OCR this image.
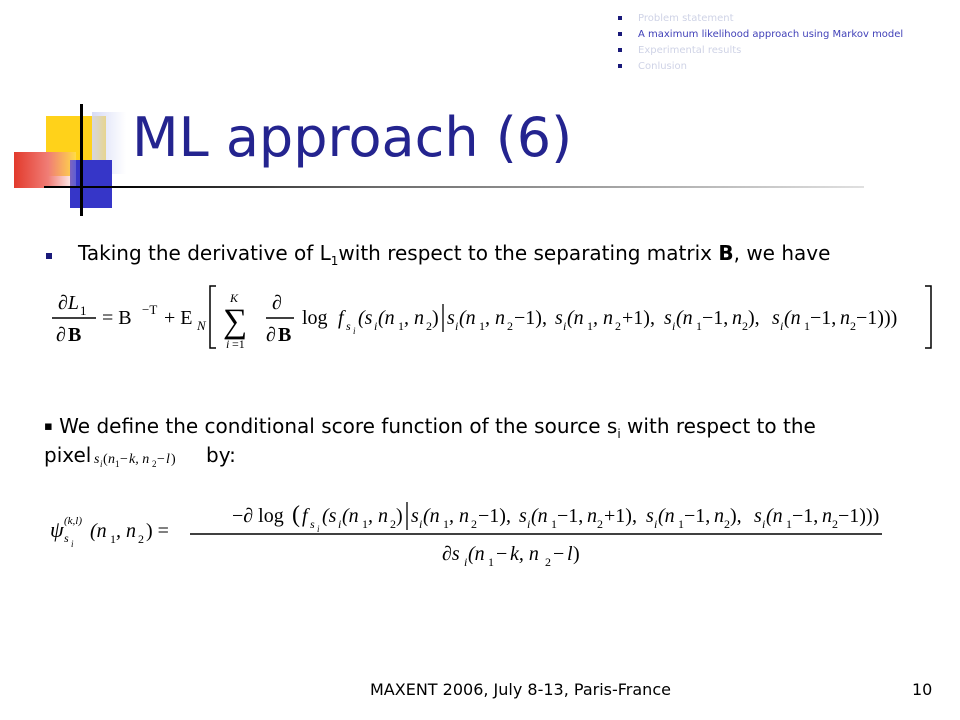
Problem statement
A maximum likelihood approach using Markov model
Experimental results
Conlusion
ML approach (6)
Taking the derivative of $L_1with$ respect to the separating matrix B, we have
∂L 1
∂ B
= B −T + E N
K
∑
i =1
∂
∂ B
log f s i
(s i (n 1 , n 2 ) s i (n 1 , n 2 −1), s i (n 1 , n 2 +1), s i (n 1 −1, n 2 ), s i (n 1 −1, n 2 −1)))
▪ We define the conditional score function of the source $s_i$ with respect to the
pixel s i ( n 1 − k, n 2 − l ) by:
ψ (k,l)
s i
(n 1 , n 2 ) =
−∂ log ( f s i
(s i (n 1 , n 2 ) s i (n 1 , n 2 −1), s i (n 1 −1, n 2 +1), s i (n 1 −1, n 2 ), s i (n 1 −1, n 2 −1)))
∂s i (n 1 − k, n 2 − l )
MAXENT 2006, July 8-13, Paris-France	10
